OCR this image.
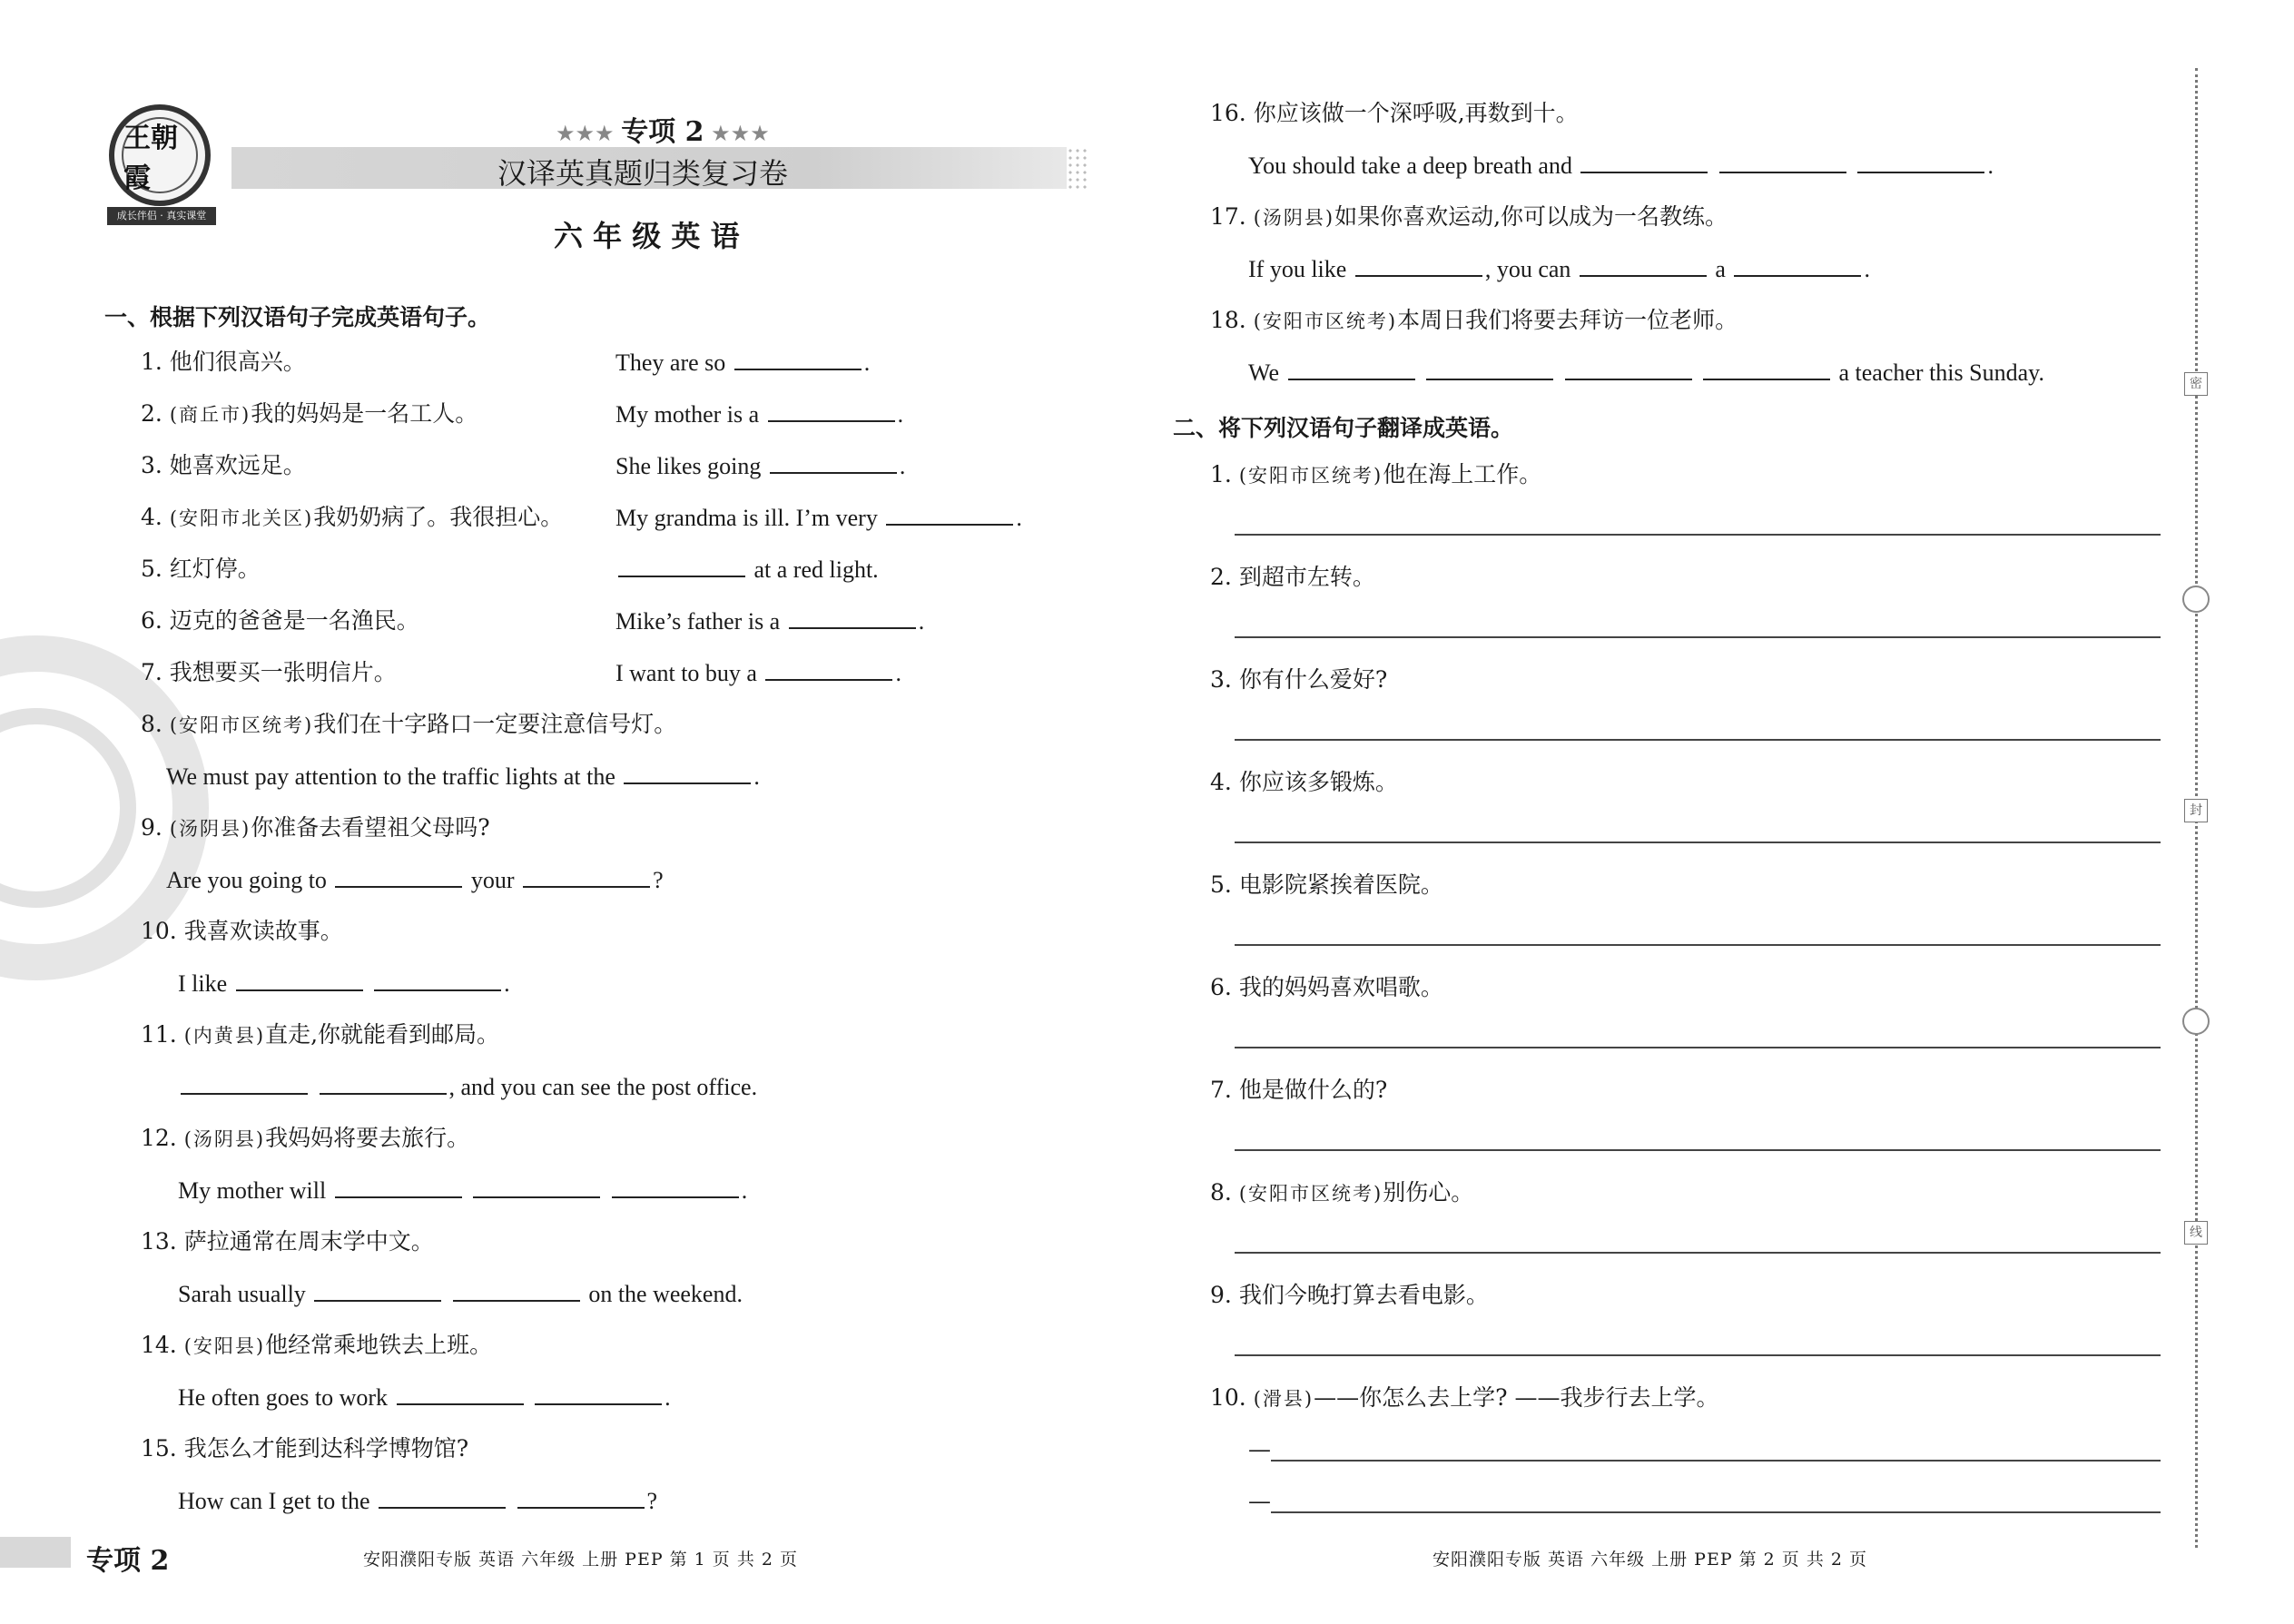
王朝霞
成长伴侣 · 真实课堂
★★★ 专项 2 ★★★
汉译英真题归类复习卷
六 年 级 英 语
一、根据下列汉语句子完成英语句子。
1. 他们很高兴。	They are so	.
2. (商丘市)我的妈妈是一名工人。	My mother is a	.
3. 她喜欢远足。	She likes going	.
4. (安阳市北关区)我奶奶病了。我很担心。 My grandma is ill. I’m very	.
5. 红灯停。	at a red light.
6. 迈克的爸爸是一名渔民。	Mike’s father is a	.
7. 我想要买一张明信片。	I want to buy a	.
8. (安阳市区统考)我们在十字路口一定要注意信号灯。
We must pay attention to the traffic lights at the	.
9. (汤阴县)你准备去看望祖父母吗?
Are you going to	your	?
10. 我喜欢读故事。
I like	.
11. (内黄县)直走,你就能看到邮局。
, and you can see the post office.
12. (汤阴县)我妈妈将要去旅行。
My mother will	.
13. 萨拉通常在周末学中文。
Sarah usually	on the weekend.
14. (安阳县)他经常乘地铁去上班。
He often goes to work	.
15. 我怎么才能到达科学博物馆?
How can I get to the	?
16. 你应该做一个深呼吸,再数到十。
You should take a deep breath and	.
17. (汤阴县)如果你喜欢运动,你可以成为一名教练。
If you like	, you can	a	.
18. (安阳市区统考)本周日我们将要去拜访一位老师。
We	a teacher this Sunday.
二、将下列汉语句子翻译成英语。
1. (安阳市区统考)他在海上工作。
2. 到超市左转。
3. 你有什么爱好?
4. 你应该多锻炼。
5. 电影院紧挨着医院。
6. 我的妈妈喜欢唱歌。
7. 他是做什么的?
8. (安阳市区统考)别伤心。
9. 我们今晚打算去看电影。
10. (滑县)——你怎么去上学? ——我步行去上学。
—
—
密
封
线
专项 2	安阳濮阳专版 英语 六年级 上册 PEP 第 1 页 共 2 页	安阳濮阳专版 英语 六年级 上册 PEP 第 2 页 共 2 页
